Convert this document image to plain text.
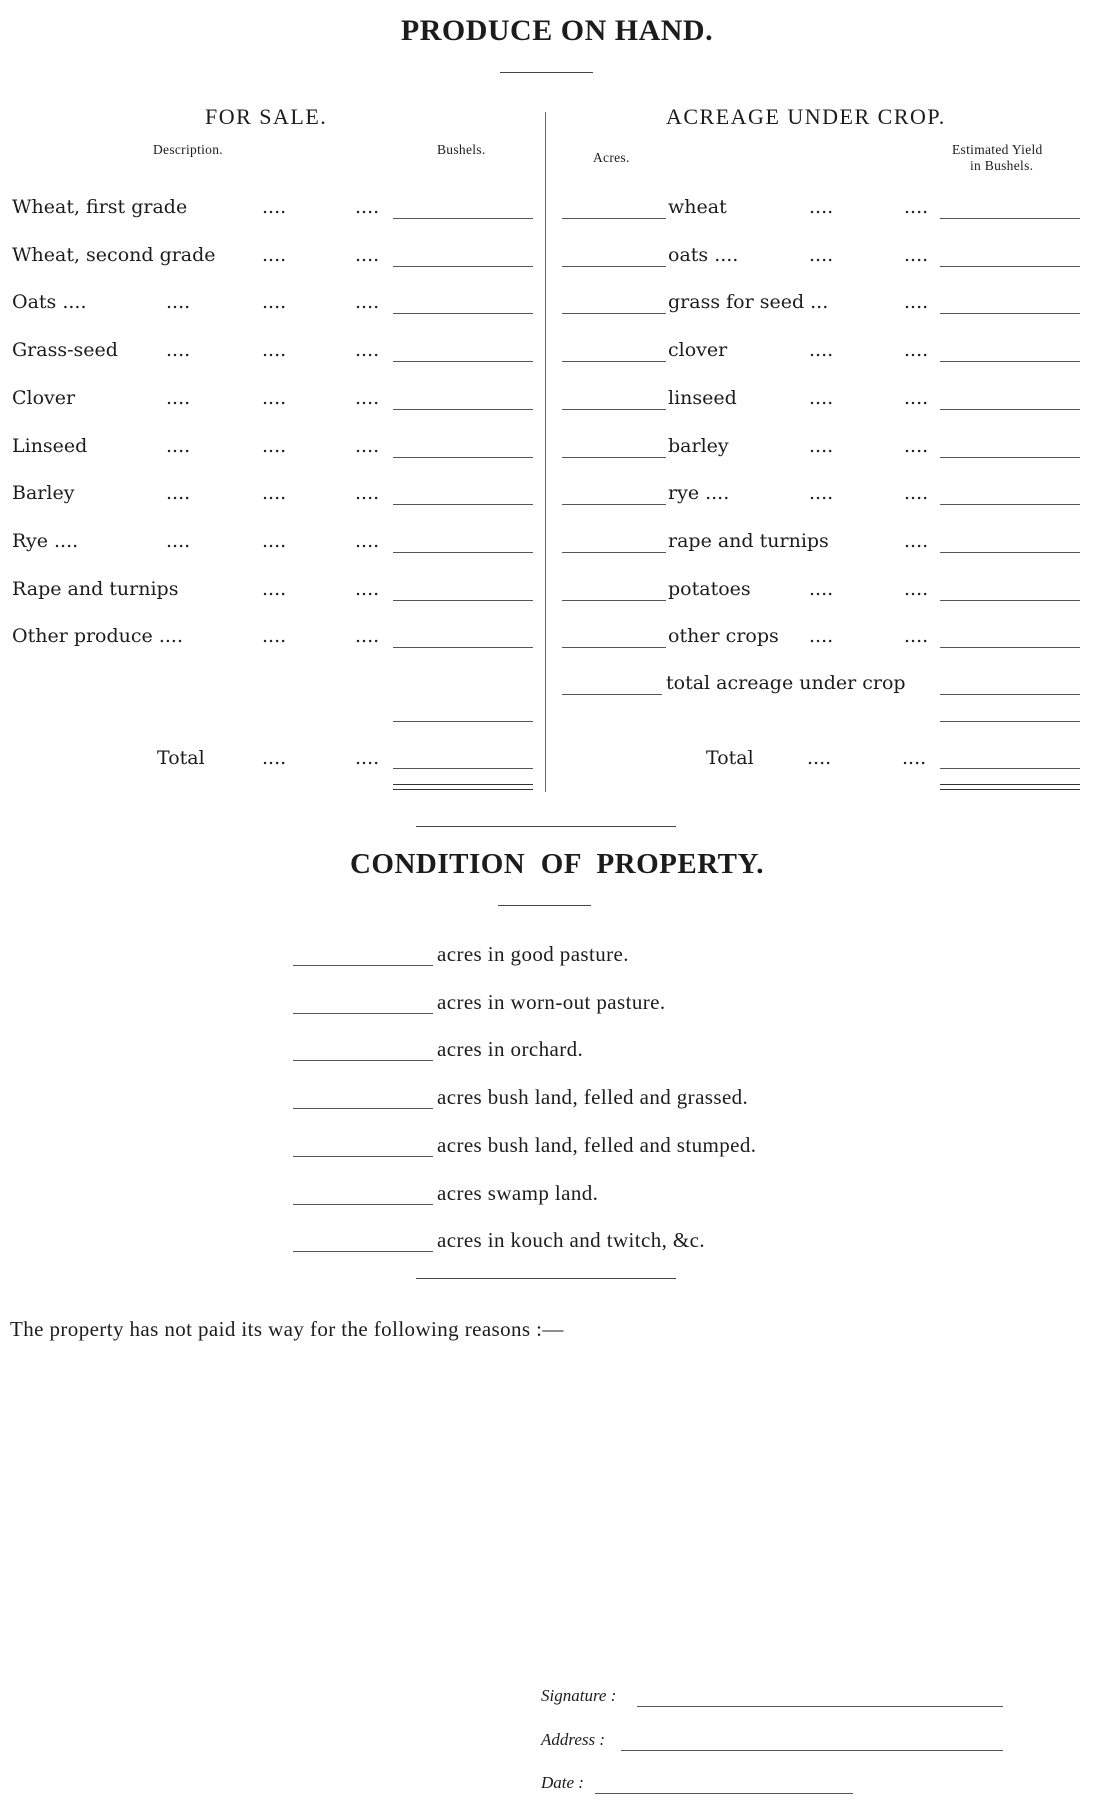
PRODUCE ON HAND.
FOR SALE.
Description.	Bushels.
Wheat, first grade	....	....
Wheat, second grade ....	....
Oats ....	....	....	....
Grass-seed	....	....	....
Clover	....	....	....
Linseed	....	....	....
Barley	....	....	....
Rye ....	....	....	....
Rape and turnips	....	....
Other produce ....	....	....
Total	....	....
ACREAGE UNDER CROP.
Acres.
Estimated Yield
in Bushels.
wheat	....	....
oats ....	....	....
grass for seed ...	....
clover	....	....
linseed	....	....
barley	....	....
rye ....	....	....
rape and turnips	....
potatoes	....	....
other crops ....	....
total acreage under crop
Total	....	....
CONDITION  OF  PROPERTY.
acres in good pasture.
acres in worn-out pasture.
acres in orchard.
acres bush land, felled and grassed.
acres bush land, felled and stumped.
acres swamp land.
acres in kouch and twitch, &c.
The property has not paid its way for the following reasons :—
Signature :
Address :
Date :
